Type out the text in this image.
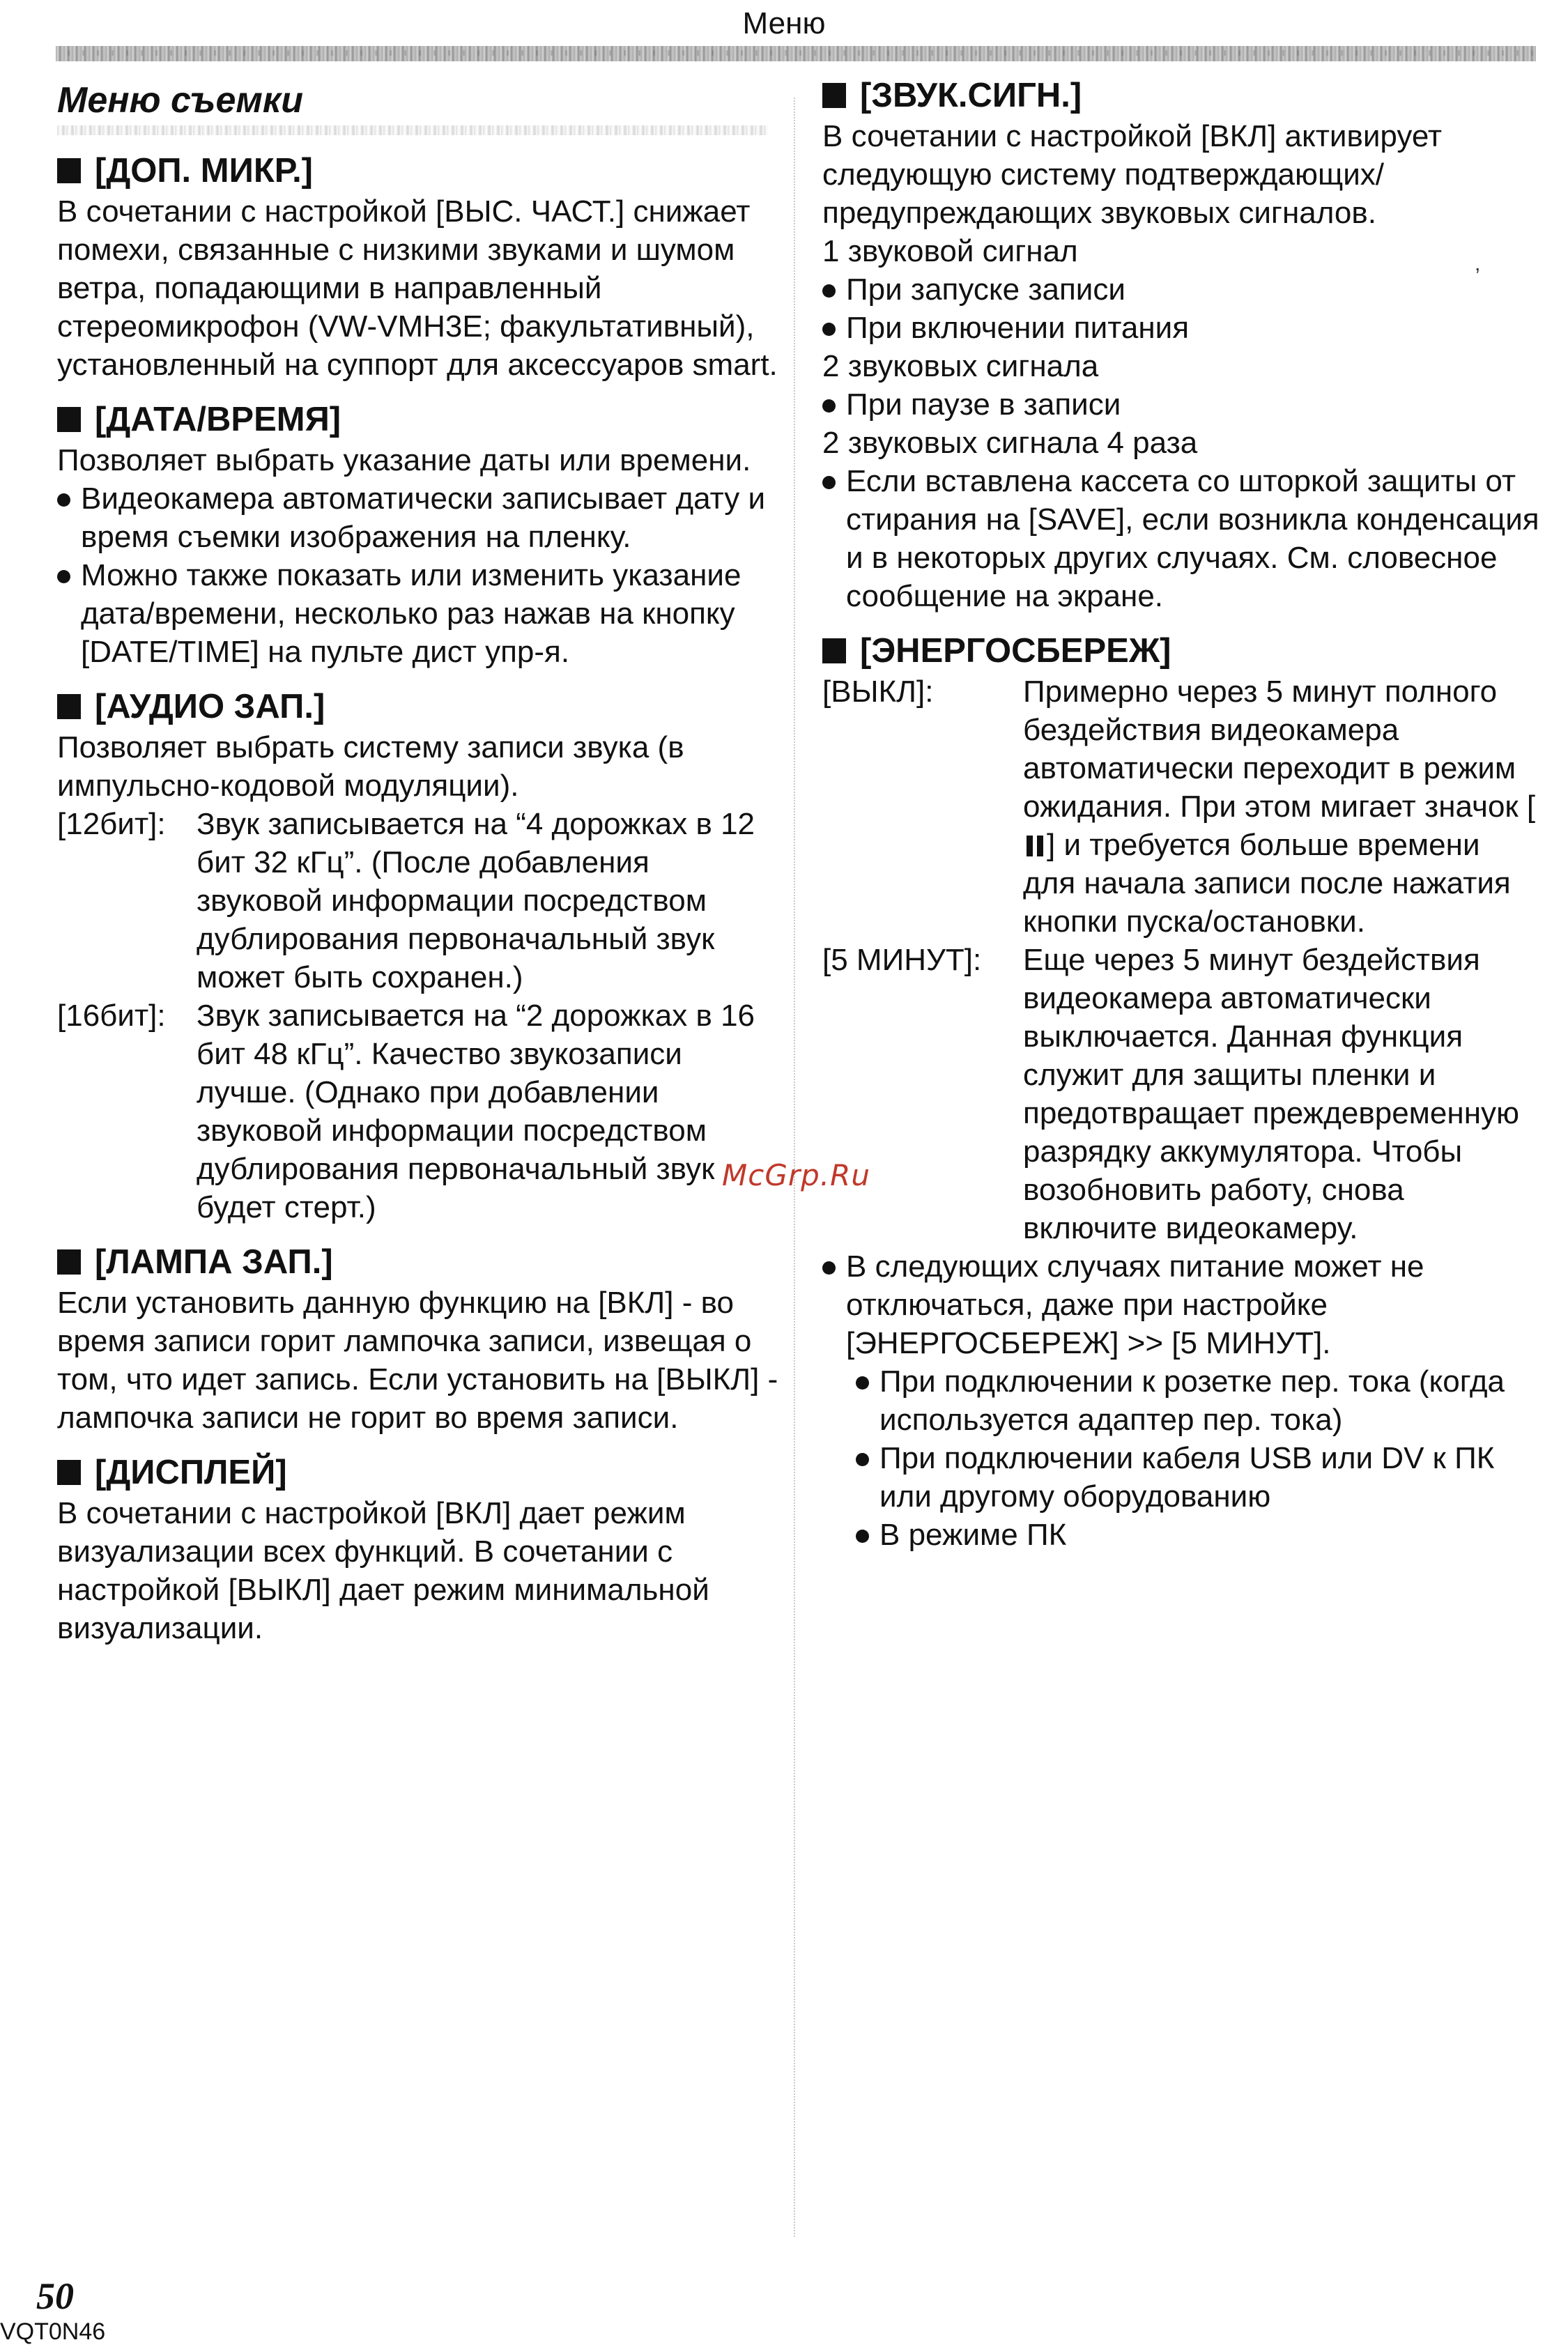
Меню
Меню съемки
[ДОП. МИКР.]

В сочетании с настройкой [ВЫС. ЧАСТ.] снижает помехи, связанные с низкими звуками и шумом ветра, попадающими в направленный стереомикрофон (VW-VMH3E; факультативный), установленный на суппорт для аксессуаров smart.

[ДАТА/ВРЕМЯ]

Позволяет выбрать указание даты или времени.

Видеокамера автоматически записывает дату и время съемки изображения на пленку.

Можно также показать или изменить указание дата/времени, несколько раз нажав на кнопку [DATE/TIME] на пульте дист упр-я.

[АУДИО ЗАП.]

Позволяет выбрать систему записи звука (в импульсно-кодовой модуляции).

[12бит]:	Звук записывается на “4 дорожках в 12 бит 32 кГц”. (После добавления звуковой информации посредством дублирования первоначальный звук может быть сохранен.)
[16бит]:	Звук записывается на “2 дорожках в 16 бит 48 кГц”. Качество звукозаписи лучше. (Однако при добавлении звуковой информации посредством дублирования первоначальный звук будет стерт.)
[ЛАМПА ЗАП.]

Если установить данную функцию на [ВКЛ] - во время записи горит лампочка записи, извещая о том, что идет запись. Если установить на [ВЫКЛ] - лампочка записи не горит во время записи.

[ДИСПЛЕЙ]

В сочетании с настройкой [ВКЛ] дает режим визуализации всех функций. В сочетании с настройкой [ВЫКЛ] дает режим минимальной визуализации.

[ЗВУК.СИГН.]

В сочетании с настройкой [ВКЛ] активирует следующую систему подтверждающих/ предупреждающих звуковых сигналов.

1 звуковой сигнал

При запуске записи

При включении питания

2 звуковых сигнала

При паузе в записи

2 звуковых сигнала 4 раза

Если вставлена кассета со шторкой защиты от стирания на [SAVE], если возникла конденсация и в некоторых других случаях. См. словесное сообщение на экране.

[ЭНЕРГОСБЕРЕЖ]
[ВЫКЛ]:	Примерно через 5 минут полного бездействия видеокамера автоматически переходит в режим ожидания. При этом мигает значок [] и требуется больше времени для начала записи после нажатия кнопки пуска/остановки.
[5 МИНУТ]:	Еще через 5 минут бездействия видеокамера автоматически выключается. Данная функция служит для защиты пленки и предотвращает преждевременную разрядку аккумулятора. Чтобы возобновить работу, снова включите видеокамеру.

В следующих случаях питание может не отключаться, даже при настройке [ЭНЕРГОСБЕРЕЖ] >> [5 МИНУТ].

При подключении к розетке пер. тока (когда используется адаптер пер. тока)

При подключении кабеля USB или DV к ПК или другому оборудованию

В режиме ПК

McGrp.Ru
,
50
VQT0N46
